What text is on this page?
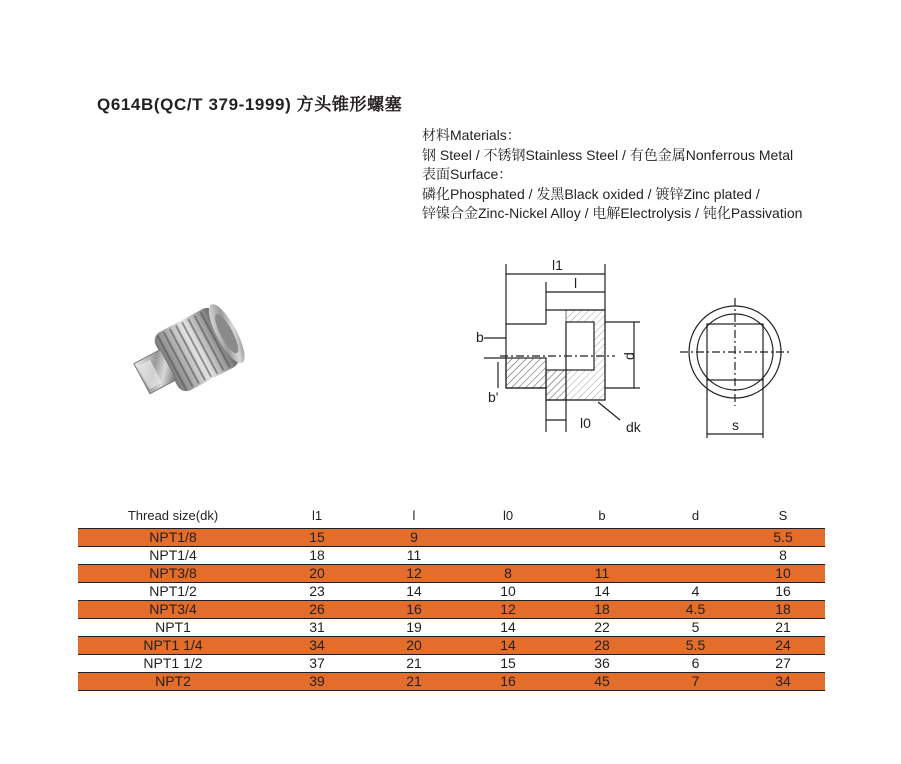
Q614B(QC/T 379-1999) 方头锥形螺塞
材料Materials：
钢 Steel / 不锈钢Stainless Steel / 有色金属Nonferrous Metal
表面Surface：
磷化Phosphated / 发黑Black oxided / 镀锌Zinc plated /
锌镍合金Zinc-Nickel Alloy / 电解Electrolysis / 钝化Passivation
l1
l
b
b'
d
l0	dk	s
Thread size(dk)	l1	l	l0	b	d	S
NPT1/8	15	9				5.5
NPT1/4	18	11				8
NPT3/8	20	12	8	11		10
NPT1/2	23	14	10	14	4	16
NPT3/4	26	16	12	18	4.5	18
NPT1	31	19	14	22	5	21
NPT1 1/4	34	20	14	28	5.5	24
NPT1 1/2	37	21	15	36	6	27
NPT2	39	21	16	45	7	34
